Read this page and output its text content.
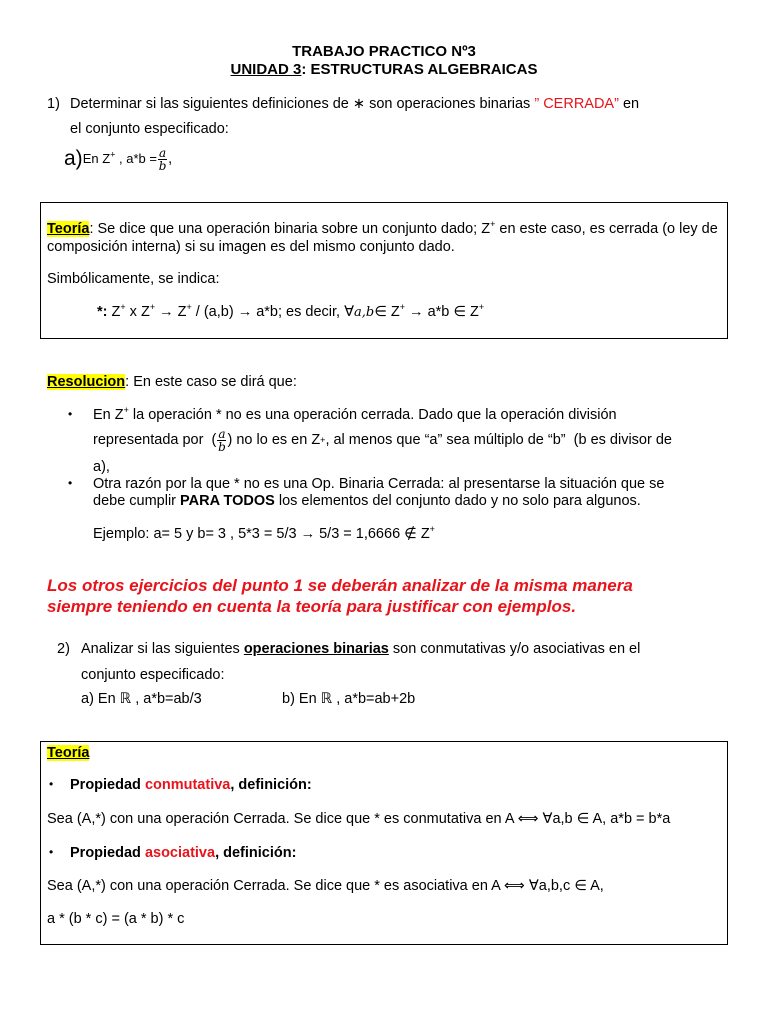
TRABAJO PRACTICO Nº3
UNIDAD 3: ESTRUCTURAS ALGEBRAICAS
1) Determinar si las siguientes definiciones de ∗ son operaciones binarias ” CERRADA” en
el conjunto especificado:
a) En Z+ , $a*b = \frac{a}{b}$ ,
Teoría: Se dice que una operación binaria sobre un conjunto dado; Z+ en este caso, es cerrada (o ley de composición interna) si su imagen es del mismo conjunto dado.
Simbólicamente, se indica:
*: Z+ x Z+ → Z+ / (a,b) → a*b; es decir, ∀a,b∈ Z+ → a*b ∈ Z+
Resolucion: En este caso se dirá que:
• En Z+ la operación * no es una operación cerrada. Dado que la operación división
representada por  ( $\frac{a}{b}$ ) no lo es en Z + , al menos que “a” sea múltiplo de “b”  (b es divisor de
a),
• Otra razón por la que * no es una Op. Binaria Cerrada: al presentarse la situación que se
debe cumplir PARA TODOS los elementos del conjunto dado y no solo para algunos.
Ejemplo: a= 5 y b= 3 , 5*3 = 5/3 → 5/3 = 1,6666 ∉ Z+
Los otros ejercicios del punto 1 se deberán analizar de la misma manera
siempre teniendo en cuenta la teoría para justificar con ejemplos.
2) Analizar si las siguientes operaciones binarias son conmutativas y/o asociativas en el
conjunto especificado:
a) En ℝ , a*b=ab/3	b) En ℝ , a*b=ab+2b
Teoría
• Propiedad conmutativa, definición:
Sea (A,*) con una operación Cerrada. Se dice que * es conmutativa en A ⟺ ∀a,b ∈ A, a*b = b*a
• Propiedad asociativa, definición:
Sea (A,*) con una operación Cerrada. Se dice que * es asociativa en A ⟺ ∀a,b,c ∈ A,
a * (b * c) = (a * b) * c
